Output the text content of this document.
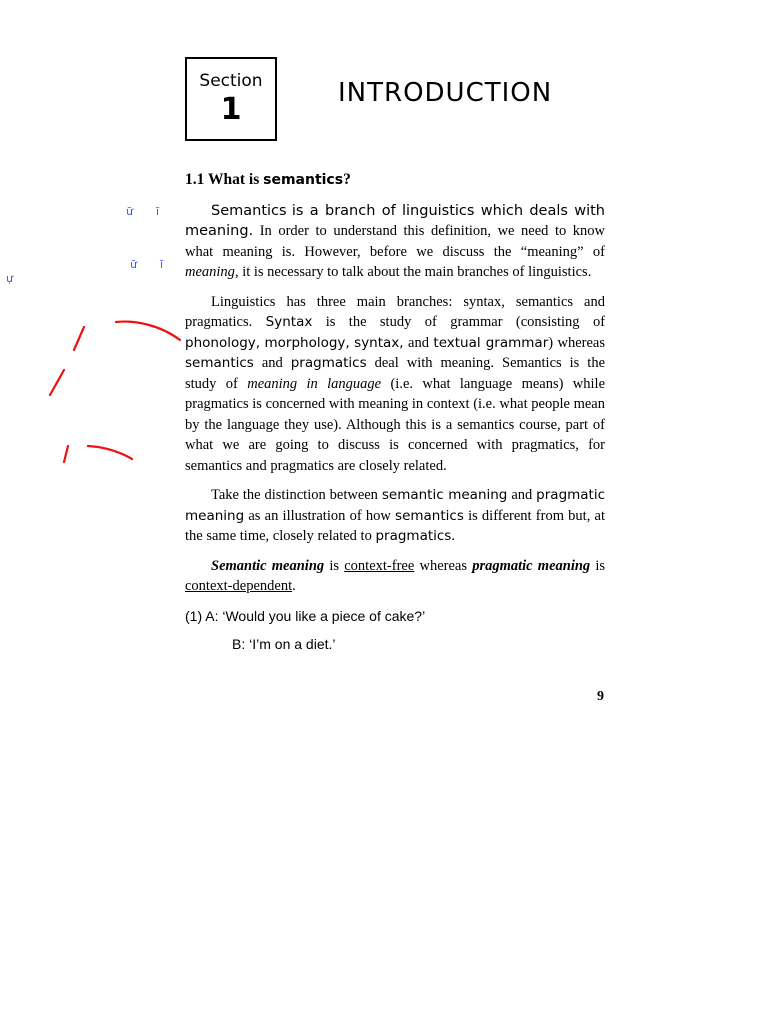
Section
1	INTRODUCTION
1.1 What is semantics?

Semantics is a branch of linguistics which deals with meaning. In order to understand this definition, we need to know what meaning is. However, before we discuss the “meaning” of meaning, it is necessary to talk about the main branches of linguistics.

Linguistics has three main branches: syntax, semantics and pragmatics. Syntax is the study of grammar (consisting of phonology, morphology, syntax, and textual grammar) whereas semantics and pragmatics deal with meaning. Semantics is the study of meaning in language (i.e. what language means) while pragmatics is concerned with meaning in context (i.e. what people mean by the language they use). Although this is a semantics course, part of what we are going to discuss is concerned with pragmatics, for semantics and pragmatics are closely related.

Take the distinction between semantic meaning and pragmatic meaning as an illustration of how semantics is different from but, at the same time, closely related to pragmatics.

Semantic meaning is context-free whereas pragmatic meaning is context-dependent.

(1) A: ‘Would you like a piece of cake?’

B: ‘I’m on a diet.’

9
ữ ĩ
ữ ĩ
ự
